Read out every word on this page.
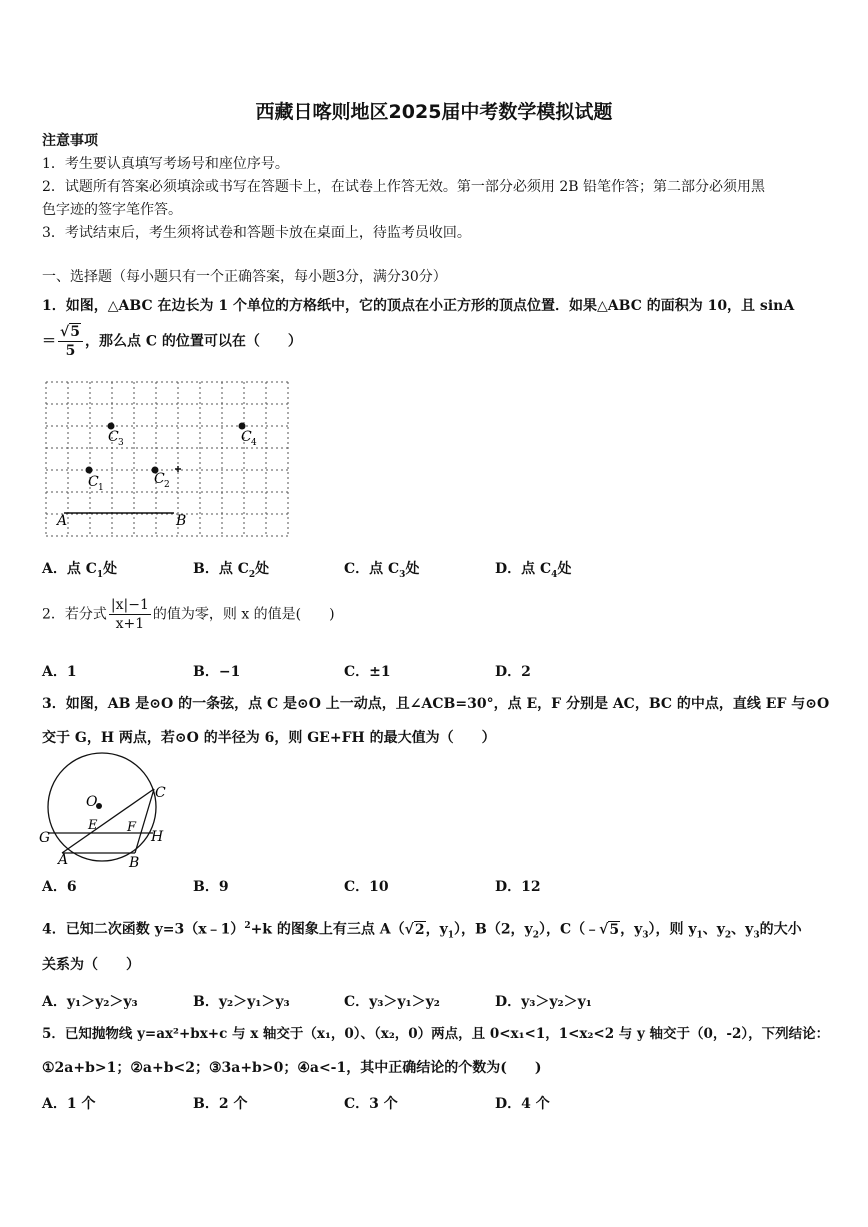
西藏日喀则地区2025届中考数学模拟试题
注意事项
1．考生要认真填写考场号和座位序号。
2．试题所有答案必须填涂或书写在答题卡上，在试卷上作答无效。第一部分必须用 2B 铅笔作答；第二部分必须用黑
色字迹的签字笔作答。
3．考试结束后，考生须将试卷和答题卡放在桌面上，待监考员收回。
一、选择题（每小题只有一个正确答案，每小题3分，满分30分）
1．如图，△ABC 在边长为 1 个单位的方格纸中，它的顶点在小正方形的顶点位置．如果△ABC 的面积为 10，且 sinA
＝ $\frac{√5}{5}$ ，那么点 C 的位置可以在（　　）
C 3	C 4
C 1
C 2
A	B
A．点 $C_1$处	B．点 $C_2$处	C．点 $C_3$处	D．点 $C_4$处
2．若分式 $\frac{|x|-1}{x+1}$ 的值为零，则 x 的值是(　　)
A．1	B．−1	C．±1	D．2
3．如图，AB 是⊙O 的一条弦，点 C 是⊙O 上一动点，且∠ACB=30°，点 E，F 分别是 AC，BC 的中点，直线 EF 与⊙O
交于 G，H 两点，若⊙O 的半径为 6，则 GE+FH 的最大值为（　　）
O
C
E F
G	H
A	B
A．6	B．9	C．10	D．12
4．已知二次函数 y=3（x﹣1）$^2$+k 的图象上有三点 A（√2，$y_1$），B（2，$y_2$），C（﹣√5，$y_3$），则 $y_1$、$y_2$、$y_3$的大小
关系为（　　）
A．y₁＞y₂＞y₃	B．y₂＞y₁＞y₃	C．y₃＞y₁＞y₂	D．y₃＞y₂＞y₁
5．已知抛物线 y=ax²+bx+c 与 x 轴交于（x₁，0）、（x₂，0）两点，且 0<x₁<1，1<x₂<2 与 y 轴交于（0，-2），下列结论：
①2a+b>1；②a+b<2；③3a+b>0；④a<-1，其中正确结论的个数为(　　)
A．1 个	B．2 个	C．3 个	D．4 个
